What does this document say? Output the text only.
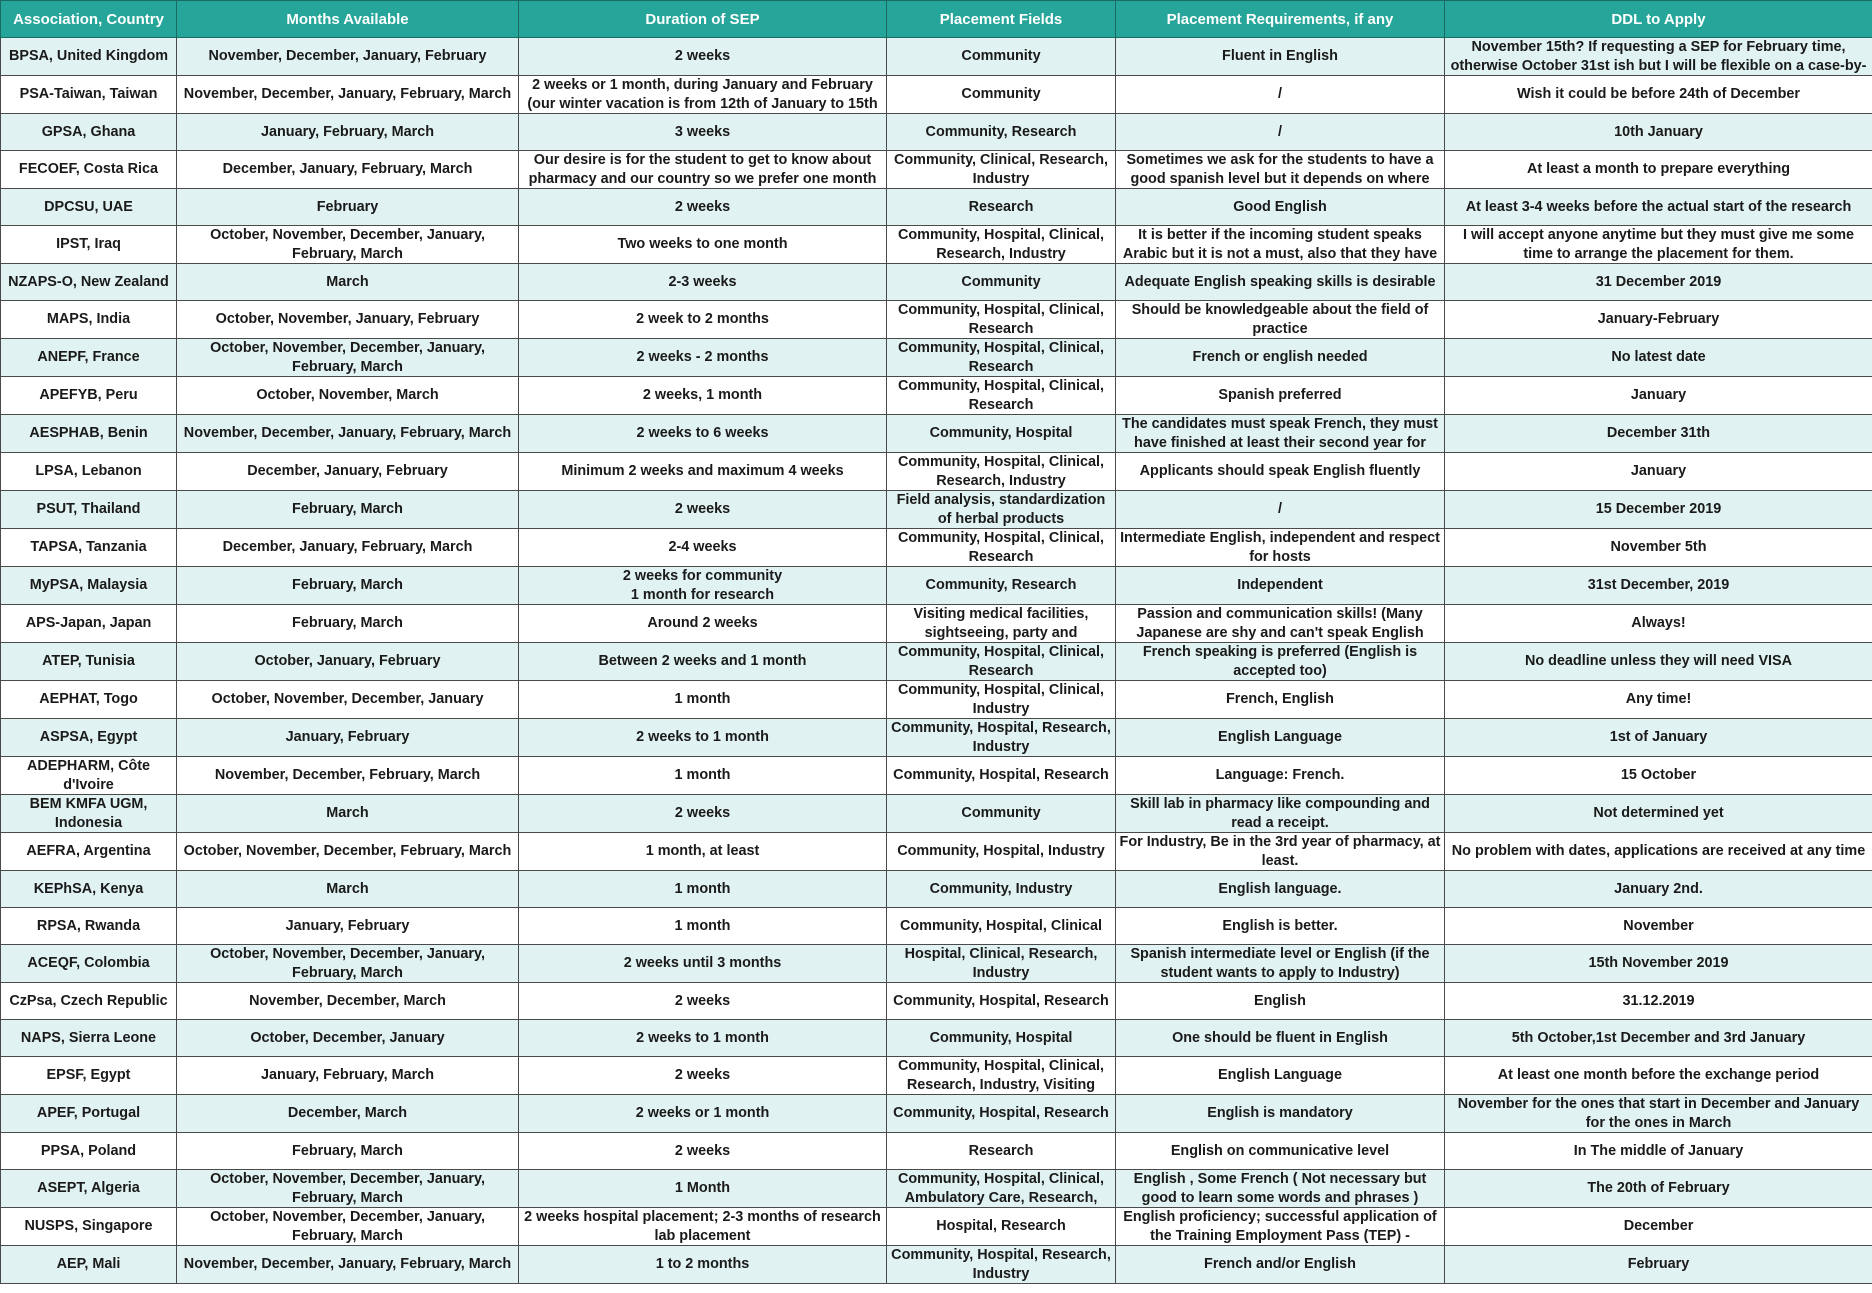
Association, Country	Months Available	Duration of SEP	Placement Fields	Placement Requirements, if any	DDL to Apply

BPSA, United Kingdom	November, December, January, February	2 weeks	Community	Fluent in English	November 15th? If requesting a SEP for February time, otherwise October 31st ish but I will be flexible on a case-by-

PSA-Taiwan, Taiwan	November, December, January, February, March	2 weeks or 1 month, during January and February (our winter vacation is from 12th of January to 15th	Community	/	Wish it could be before 24th of December

GPSA, Ghana	January, February, March	3 weeks	Community, Research	/	10th January

FECOEF, Costa Rica	December, January, February, March	Our desire is for the student to get to know about pharmacy and our country so we prefer one month	Community, Clinical, Research, Industry	Sometimes we ask for the students to have a good spanish level but it depends on where	At least a month to prepare everything

DPCSU, UAE	February	2 weeks	Research	Good English	At least 3-4 weeks before the actual start of the research

IPST, Iraq	October, November, December, January, February, March	Two weeks to one month	Community, Hospital, Clinical, Research, Industry	It is better if the incoming student speaks Arabic but it is not a must, also that they have	I will accept anyone anytime but they must give me some time to arrange the placement for them.

NZAPS-O, New Zealand	March	2-3 weeks	Community	Adequate English speaking skills is desirable	31 December 2019

MAPS, India	October, November, January, February	2 week to 2 months	Community, Hospital, Clinical, Research	Should be knowledgeable about the field of practice	January-February

ANEPF, France	October, November, December, January, February, March	2 weeks - 2 months	Community, Hospital, Clinical, Research	French or english needed	No latest date

APEFYB, Peru	October, November, March	2 weeks, 1 month	Community, Hospital, Clinical, Research	Spanish preferred	January

AESPHAB, Benin	November, December, January, February, March	2 weeks to 6 weeks	Community, Hospital	The candidates must speak French, they must have finished at least their second year for	December 31th

LPSA, Lebanon	December, January, February	Minimum 2 weeks and maximum 4 weeks	Community, Hospital, Clinical, Research, Industry	Applicants should speak English fluently	January

PSUT, Thailand	February, March	2 weeks	Field analysis, standardization of herbal products	/	15 December 2019

TAPSA, Tanzania	December, January, February, March	2-4 weeks	Community, Hospital, Clinical, Research	Intermediate English, independent and respect for hosts	November 5th

MyPSA, Malaysia	February, March	2 weeks for community
1 month for research	Community, Research	Independent	31st December, 2019

APS-Japan, Japan	February, March	Around 2 weeks	Visiting medical facilities, sightseeing, party and	Passion and communication skills! (Many Japanese are shy and can't speak English	Always!

ATEP, Tunisia	October, January, February	Between 2 weeks and 1 month	Community, Hospital, Clinical, Research	French speaking is preferred (English is accepted too)	No deadline unless they will need VISA

AEPHAT, Togo	October, November, December, January	1 month	Community, Hospital, Clinical, Industry	French, English	Any time!

ASPSA, Egypt	January, February	2 weeks to 1 month	Community, Hospital, Research, Industry	English Language	1st of January

ADEPHARM, Côte d'Ivoire	November, December, February, March	1 month	Community, Hospital, Research	Language: French.	15 October

BEM KMFA UGM, Indonesia	March	2 weeks	Community	Skill lab in pharmacy like compounding and read a receipt.	Not determined yet

AEFRA, Argentina	October, November, December, February, March	1 month, at least	Community, Hospital, Industry	For Industry, Be in the 3rd year of pharmacy, at least.	No problem with dates, applications are received at any time

KEPhSA, Kenya	March	1 month	Community, Industry	English language.	January 2nd.

RPSA, Rwanda	January, February	1 month	Community, Hospital, Clinical	English is better.	November

ACEQF, Colombia	October, November, December, January, February, March	2 weeks until 3 months	Hospital, Clinical, Research, Industry	Spanish intermediate level or English (if the student wants to apply to Industry)	15th November 2019

CzPsa, Czech Republic	November, December, March	2 weeks	Community, Hospital, Research	English	31.12.2019

NAPS, Sierra Leone	October, December, January	2 weeks to 1 month	Community, Hospital	One should be fluent in English	5th October,1st December and 3rd January

EPSF, Egypt	January, February, March	2 weeks	Community, Hospital, Clinical, Research, Industry, Visiting	English Language	At least one month before the exchange period

APEF, Portugal	December, March	2 weeks or 1 month	Community, Hospital, Research	English is mandatory	November for the ones that start in December and January for the ones in March

PPSA, Poland	February, March	2 weeks	Research	English on communicative level	In The middle of January

ASEPT, Algeria	October, November, December, January, February, March	1 Month	Community, Hospital, Clinical, Ambulatory Care, Research,	English , Some French ( Not necessary but good to learn some words and phrases )	The 20th of February

NUSPS, Singapore	October, November, December, January, February, March	2 weeks hospital placement; 2-3 months of research lab placement	Hospital, Research	English proficiency; successful application of the Training Employment Pass (TEP) -	December

AEP, Mali	November, December, January, February, March	1 to 2 months	Community, Hospital, Research, Industry	French and/or English	February
